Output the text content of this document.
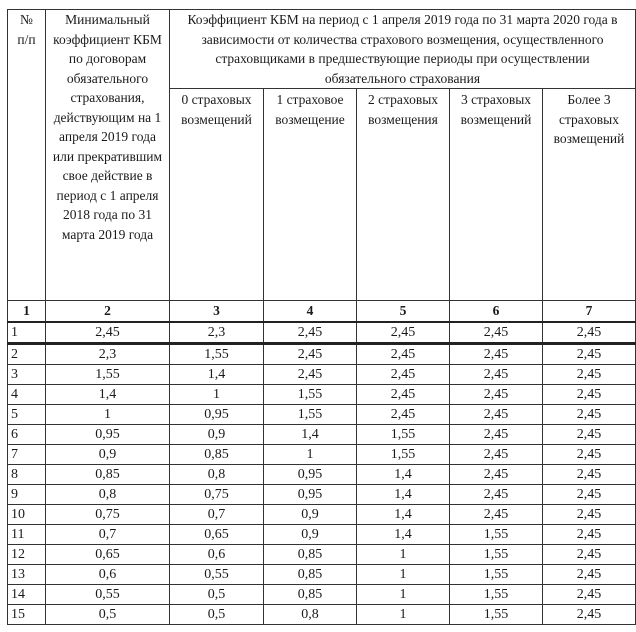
№ п/п	Минимальный коэффициент КБМ по договорам обязательного страхования, действующим на 1 апреля 2019 года или прекратившим свое действие в период с 1 апреля 2018 года по 31 марта 2019 года	Коэффициент КБМ на период с 1 апреля 2019 года по 31 марта 2020 года в зависимости от количества страхового возмещения, осуществленного страховщиками в предшествующие периоды при осуществлении обязательного страхования				
		0 страховых возмещений	1 страховое возмещение	2 страховых возмещения	3 страховых возмещений	Более 3 страховых возмещений
1	2	3	4	5	6	7
1	2,45	2,3	2,45	2,45	2,45	2,45
2	2,3	1,55	2,45	2,45	2,45	2,45
3	1,55	1,4	2,45	2,45	2,45	2,45
4	1,4	1	1,55	2,45	2,45	2,45
5	1	0,95	1,55	2,45	2,45	2,45
6	0,95	0,9	1,4	1,55	2,45	2,45
7	0,9	0,85	1	1,55	2,45	2,45
8	0,85	0,8	0,95	1,4	2,45	2,45
9	0,8	0,75	0,95	1,4	2,45	2,45
10	0,75	0,7	0,9	1,4	2,45	2,45
11	0,7	0,65	0,9	1,4	1,55	2,45
12	0,65	0,6	0,85	1	1,55	2,45
13	0,6	0,55	0,85	1	1,55	2,45
14	0,55	0,5	0,85	1	1,55	2,45
15	0,5	0,5	0,8	1	1,55	2,45
